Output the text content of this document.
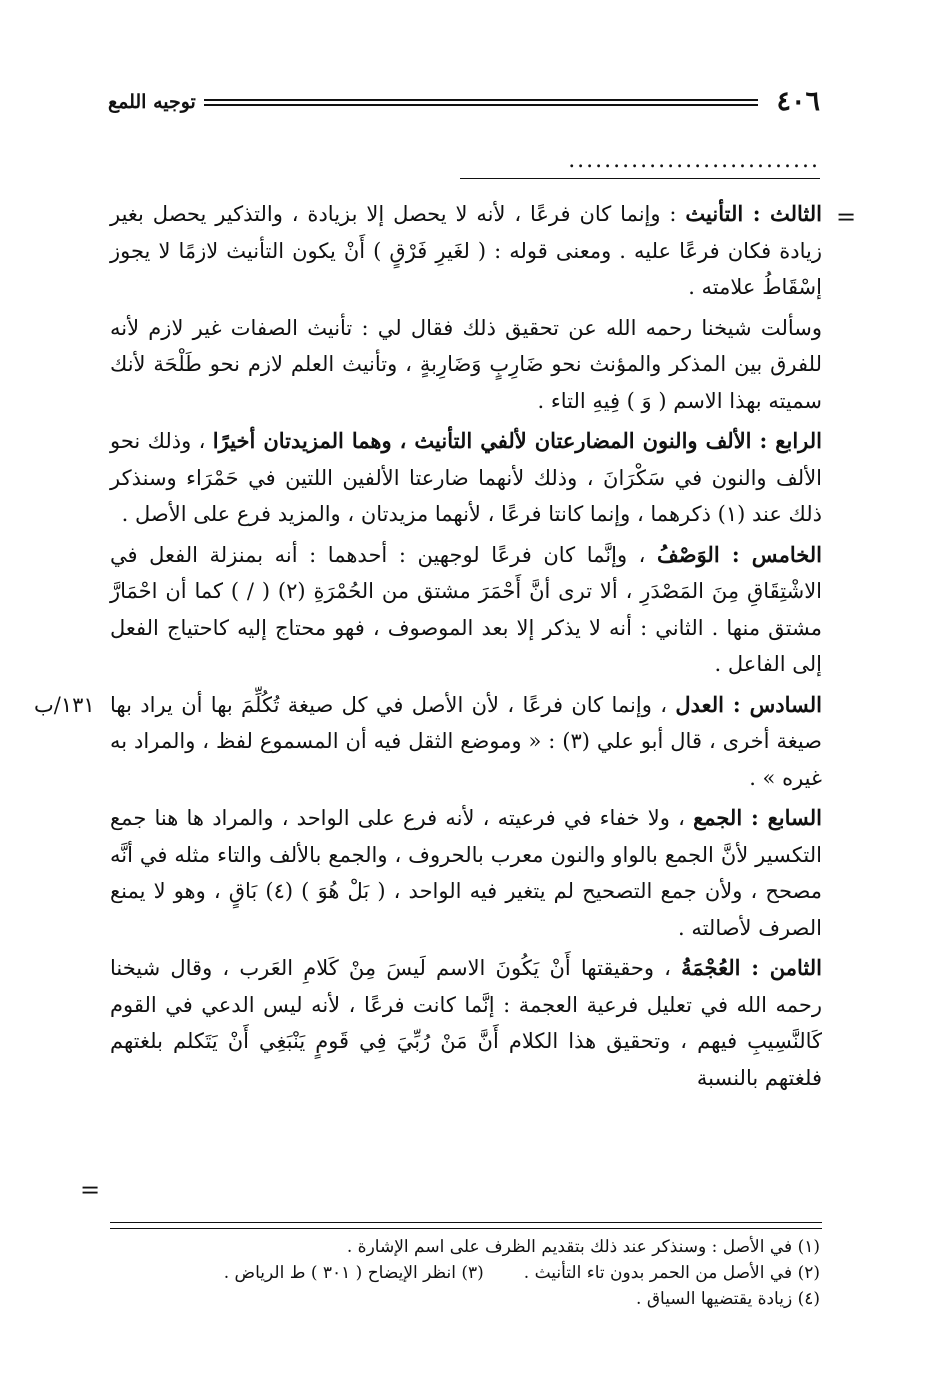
٤٠٦
توجيه اللمع
............................
=
١٣١/ب

الثالث : التأنيث : وإنما كان فرعًا ، لأنه لا يحصل إلا بزيادة ، والتذكير يحصل بغير زيادة فكان فرعًا عليه . ومعنى قوله : ( لغَيرِ فَرْقٍ ) أَنْ يكون التأنيث لازمًا لا يجوز إسْقَاطُ علامته .

وسألت شيخنا رحمه الله عن تحقيق ذلك فقال لي : تأنيث الصفات غير لازم لأنه للفرق بين المذكر والمؤنث نحو ضَارِبٍ وَضَارِبةٍ ، وتأنيث العلم لازم نحو طَلْحَة لأنك سميته بهذا الاسم ( وَ ) فِيهِ التاء .

الرابع : الألف والنون المضارعتان لألفي التأنيث ، وهما المزيدتان أخيرًا ، وذلك نحو الألف والنون في سَكْرَانَ ، وذلك لأنهما ضارعتا الألفين اللتين في حَمْرَاء وسنذكر ذلك عند (١) ذكرهما ، وإنما كانتا فرعًا ، لأنهما مزيدتان ، والمزيد فرع على الأصل .

الخامس : الوَصْفُ ، وإنَّما كان فرعًا لوجهين : أحدهما : أنه بمنزلة الفعل في الاشْتِقَاقِ مِنَ المَصْدَرِ ، ألا ترى أنَّ أَحْمَرَ مشتق من الحُمْرَةِ (٢) ( / ) كما أن احْمَارَّ مشتق منها . الثاني : أنه لا يذكر إلا بعد الموصوف ، فهو محتاج إليه كاحتياج الفعل إلى الفاعل .

السادس : العدل ، وإنما كان فرعًا ، لأن الأصل في كل صيغة تُكُلِّمَ بها أن يراد بها صيغة أخرى ، قال أبو علي (٣) : « وموضع الثقل فيه أن المسموع لفظ ، والمراد به غيره » .

السابع : الجمع ، ولا خفاء في فرعيته ، لأنه فرع على الواحد ، والمراد ها هنا جمع التكسير لأنَّ الجمع بالواو والنون معرب بالحروف ، والجمع بالألف والتاء مثله في أنَّه مصحح ، ولأن جمع التصحيح لم يتغير فيه الواحد ، ( بَلْ هُوَ ) (٤) بَاقٍ ، وهو لا يمنع الصرف لأصالته .

الثامن : العُجْمَةُ ، وحقيقتها أَنْ يَكُونَ الاسم لَيسَ مِنْ كَلامِ العَرب ، وقال شيخنا رحمه الله في تعليل فرعية العجمة : إنَّما كانت فرعًا ، لأنه ليس الدعي في القوم كَالنَّسِيبِ فيهم ، وتحقيق هذا الكلام أَنَّ مَنْ رُبِّيَ فِي قَومٍ يَنْبَغِي أَنْ يَتَكلم بلغتهم فلغتهم بالنسبة

=

(١) في الأصل : وسنذكر عند ذلك بتقديم الظرف على اسم الإشارة .

(٢) في الأصل من الحمر بدون تاء التأنيث .

(٣) انظر الإيضاح ( ٣٠١ ) ط الرياض .

(٤) زيادة يقتضيها السياق .
